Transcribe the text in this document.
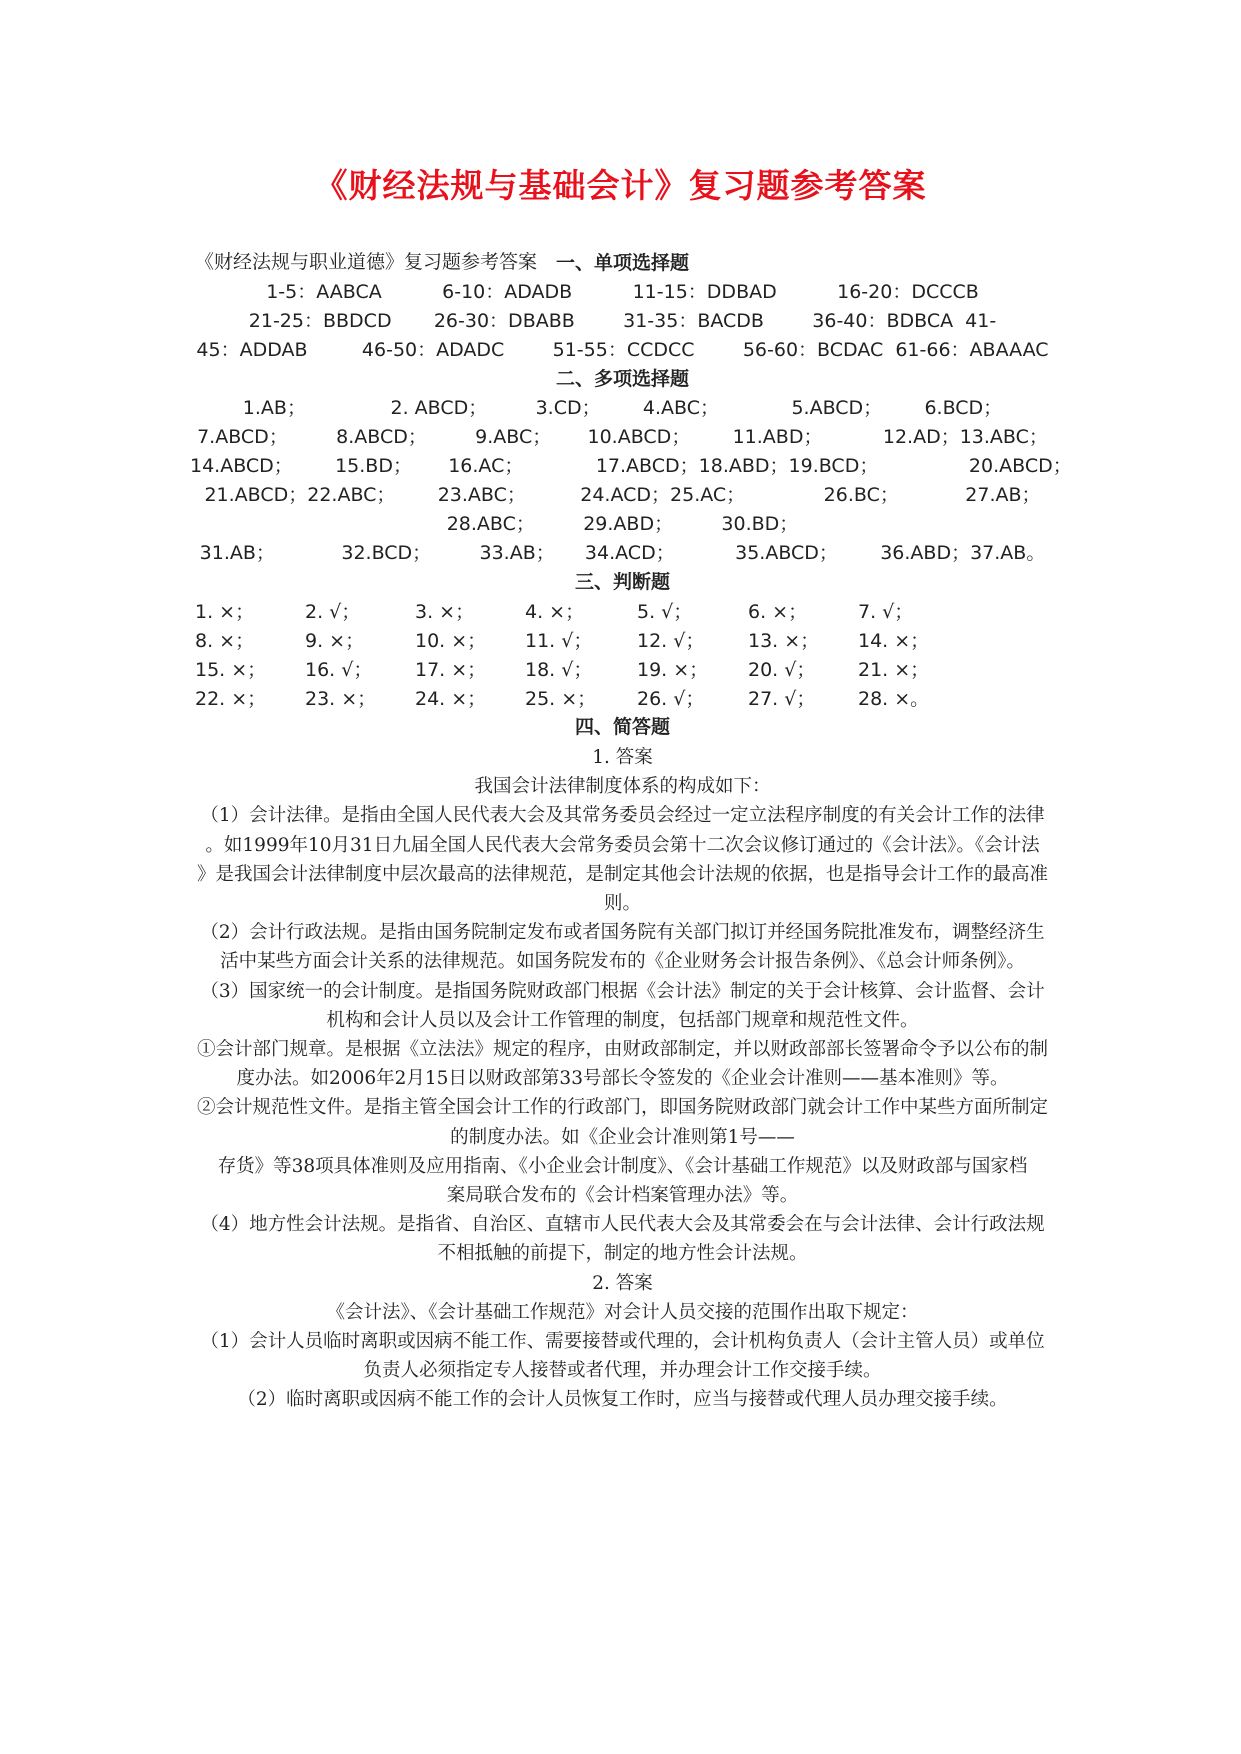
《财经法规与基础会计》复习题参考答案
《财经法规与职业道德》复习题参考答案 一、单项选择题
1-5：AABCA          6-10：ADADB          11-15：DDBAD          16-20：DCCCB
21-25：BBDCD       26-30：DBABB        31-35：BACDB        36-40：BDBCA  41-
45：ADDAB         46-50：ADADC        51-55：CCDCC        56-60：BCDAC  61-66：ABAAAC
二、多项选择题
1.AB；              2. ABCD；        3.CD；       4.ABC；            5.ABCD；       6.BCD；
7.ABCD；        8.ABCD；        9.ABC；      10.ABCD；       11.ABD；          12.AD；13.ABC；
14.ABCD；       15.BD；      16.AC；            17.ABCD；18.ABD；19.BCD；               20.ABCD；
21.ABCD；22.ABC；       23.ABC；         24.ACD；25.AC；             26.BC；           27.AB；
28.ABC；        29.ABD；        30.BD；
31.AB；           32.BCD；        33.AB；     34.ACD；          35.ABCD；       36.ABD；37.AB。
三、判断题
1. ×；	2. √；	3. ×；	4. ×；	5. √；	6. ×；	7. √；
8. ×；	9. ×；	10. ×； 11. √； 12. √； 13. ×； 14. ×；
15. ×； 16. √； 17. ×； 18. √； 19. ×； 20. √； 21. ×；
22. ×； 23. ×； 24. ×； 25. ×； 26. √； 27. √； 28. ×。
四、简答题
1. 答案
我国会计法律制度体系的构成如下：
（1）会计法律。是指由全国人民代表大会及其常务委员会经过一定立法程序制度的有关会计工作的法律
。如1999年10月31日九届全国人民代表大会常务委员会第十二次会议修订通过的《会计法》。《会计法
》是我国会计法律制度中层次最高的法律规范，是制定其他会计法规的依据，也是指导会计工作的最高准
则。
（2）会计行政法规。是指由国务院制定发布或者国务院有关部门拟订并经国务院批准发布，调整经济生
活中某些方面会计关系的法律规范。如国务院发布的《企业财务会计报告条例》、《总会计师条例》。
（3）国家统一的会计制度。是指国务院财政部门根据《会计法》制定的关于会计核算、会计监督、会计
机构和会计人员以及会计工作管理的制度，包括部门规章和规范性文件。
①会计部门规章。是根据《立法法》规定的程序，由财政部制定，并以财政部部长签署命令予以公布的制
度办法。如2006年2月15日以财政部第33号部长令签发的《企业会计准则——基本准则》等。
②会计规范性文件。是指主管全国会计工作的行政部门，即国务院财政部门就会计工作中某些方面所制定
的制度办法。如《企业会计准则第1号——
存货》等38项具体准则及应用指南、《小企业会计制度》、《会计基础工作规范》以及财政部与国家档
案局联合发布的《会计档案管理办法》等。
（4）地方性会计法规。是指省、自治区、直辖市人民代表大会及其常委会在与会计法律、会计行政法规
不相抵触的前提下，制定的地方性会计法规。
2. 答案
《会计法》、《会计基础工作规范》对会计人员交接的范围作出取下规定：
（1）会计人员临时离职或因病不能工作、需要接替或代理的，会计机构负责人（会计主管人员）或单位
负责人必须指定专人接替或者代理，并办理会计工作交接手续。
（2）临时离职或因病不能工作的会计人员恢复工作时，应当与接替或代理人员办理交接手续。
